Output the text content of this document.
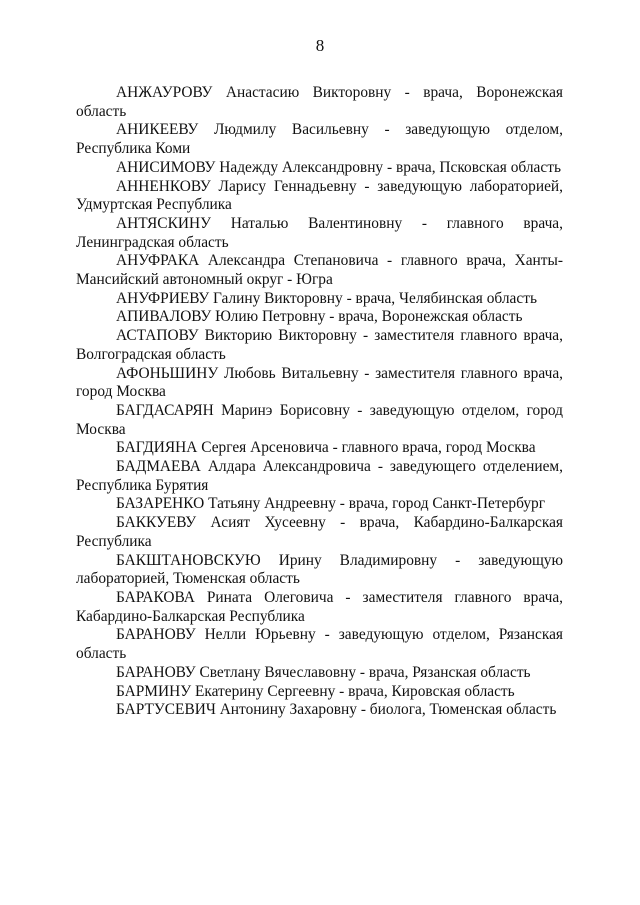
8

АНЖАУРОВУ Анастасию Викторовну - врача, Воронежская область

АНИКЕЕВУ Людмилу Васильевну - заведующую отделом, Республика Коми

АНИСИМОВУ Надежду Александровну - врача, Псковская область

АННЕНКОВУ Ларису Геннадьевну - заведующую лабораторией, Удмуртская Республика

АНТЯСКИНУ Наталью Валентиновну - главного врача, Ленинградская область

АНУФРАКА Александра Степановича - главного врача, Ханты-Мансийский автономный округ - Югра

АНУФРИЕВУ Галину Викторовну - врача, Челябинская область

АПИВАЛОВУ Юлию Петровну - врача, Воронежская область

АСТАПОВУ Викторию Викторовну - заместителя главного врача, Волгоградская область

АФОНЬШИНУ Любовь Витальевну - заместителя главного врача, город Москва

БАГДАСАРЯН Маринэ Борисовну - заведующую отделом, город Москва

БАГДИЯНА Сергея Арсеновича - главного врача, город Москва

БАДМАЕВА Алдара Александровича - заведующего отделением, Республика Бурятия

БАЗАРЕНКО Татьяну Андреевну - врача, город Санкт-Петербург

БАККУЕВУ Асият Хусеевну - врача, Кабардино-Балкарская Республика

БАКШТАНОВСКУЮ Ирину Владимировну - заведующую лабораторией, Тюменская область

БАРАКОВА Рината Олеговича - заместителя главного врача, Кабардино-Балкарская Республика

БАРАНОВУ Нелли Юрьевну - заведующую отделом, Рязанская область

БАРАНОВУ Светлану Вячеславовну - врача, Рязанская область

БАРМИНУ Екатерину Сергеевну - врача, Кировская область

БАРТУСЕВИЧ Антонину Захаровну - биолога, Тюменская область
